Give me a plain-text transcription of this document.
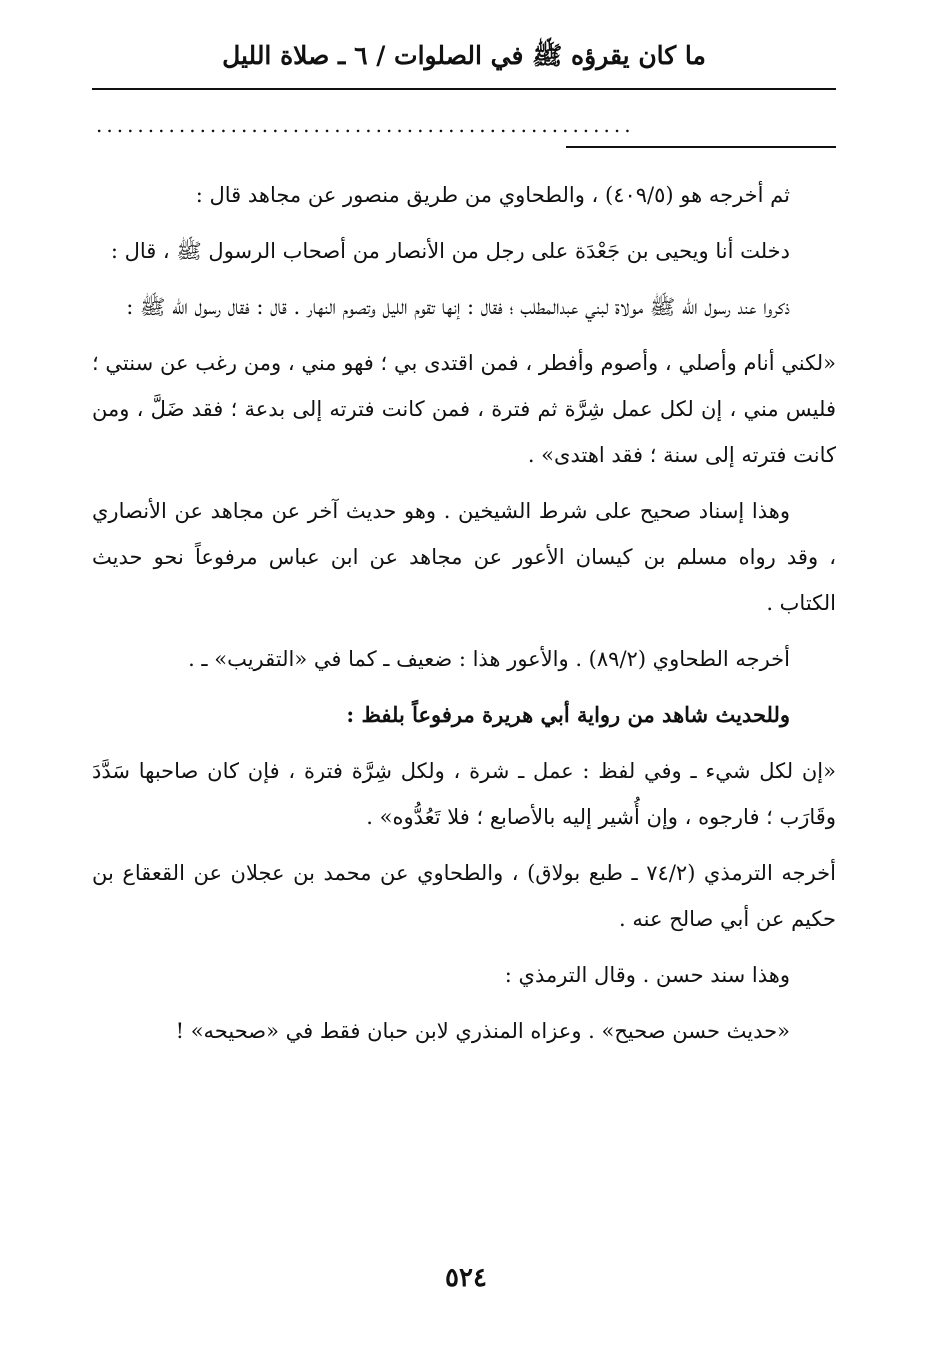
ما كان يقرؤه ﷺ في الصلوات / ٦ ـ صلاة الليل
....................................................

ثم أخرجه هو (٤٠٩/٥) ، والطحاوي من طريق منصور عن مجاهد قال :

دخلت أنا ويحيى بن جَعْدَة على رجل من الأنصار من أصحاب الرسول ﷺ ، قال :

ذكروا عند رسول الله ﷺ مولاة لبني عبدالمطلب ؛ فقال : إنها تقوم الليل وتصوم النهار . قال : فقال رسول الله ﷺ :

«لكني أنام وأصلي ، وأصوم وأفطر ، فمن اقتدى بي ؛ فهو مني ، ومن رغب عن سنتي ؛ فليس مني ، إن لكل عمل شِرَّة ثم فترة ، فمن كانت فترته إلى بدعة ؛ فقد ضَلَّ ، ومن كانت فترته إلى سنة ؛ فقد اهتدى» .

وهذا إسناد صحيح على شرط الشيخين . وهو حديث آخر عن مجاهد عن الأنصاري ، وقد رواه مسلم بن كيسان الأعور عن مجاهد عن ابن عباس مرفوعاً نحو حديث الكتاب .

أخرجه الطحاوي (٨٩/٢) . والأعور هذا : ضعيف ـ كما في «التقريب» ـ .

وللحديث شاهد من رواية أبي هريرة مرفوعاً بلفظ :

«إن لكل شيء ـ وفي لفظ : عمل ـ شرة ، ولكل شِرَّة فترة ، فإن كان صاحبها سَدَّدَ وقَارَب ؛ فارجوه ، وإن أُشير إليه بالأصابع ؛ فلا تَعُدُّوه» .

أخرجه الترمذي (٧٤/٢ ـ طبع بولاق) ، والطحاوي عن محمد بن عجلان عن القعقاع بن حكيم عن أبي صالح عنه .

وهذا سند حسن . وقال الترمذي :

«حديث حسن صحيح» . وعزاه المنذري لابن حبان فقط في «صحيحه» !

٥٢٤
